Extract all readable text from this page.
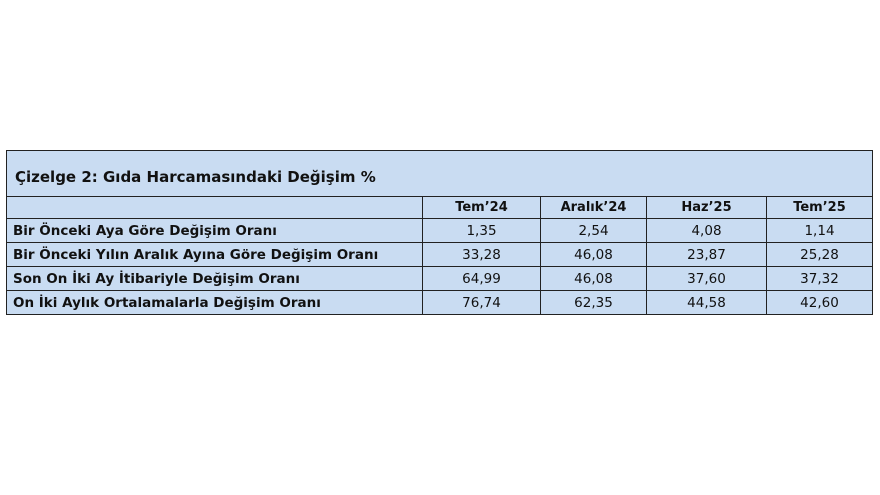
Çizelge 2: Gıda Harcamasındaki Değişim %				
	Tem’24	Aralık’24	Haz’25	Tem’25
Bir Önceki Aya Göre Değişim Oranı	1,35	2,54	4,08	1,14
Bir Önceki Yılın Aralık Ayına Göre Değişim Oranı	33,28	46,08	23,87	25,28
Son On İki Ay İtibariyle Değişim Oranı	64,99	46,08	37,60	37,32
On İki Aylık Ortalamalarla Değişim Oranı	76,74	62,35	44,58	42,60
